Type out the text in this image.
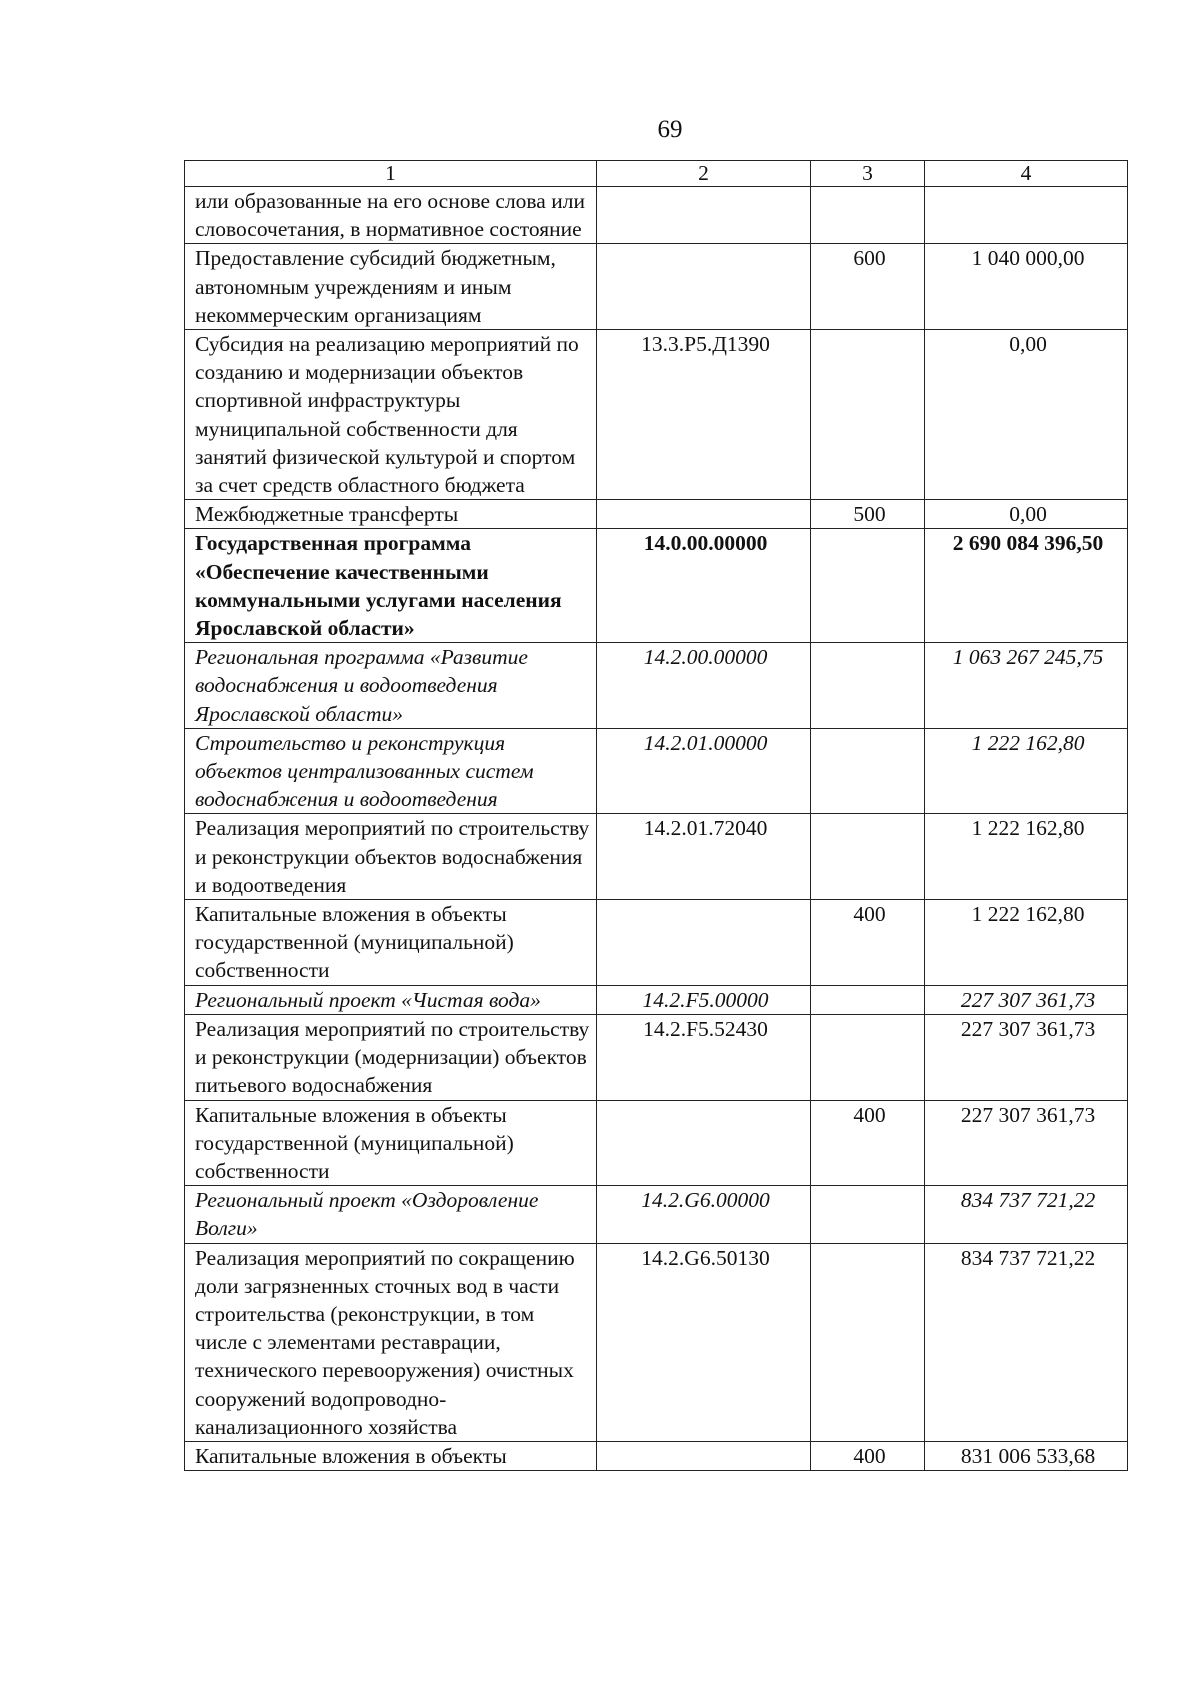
69
1	2	3	4
или образованные на его основе слова или словосочетания, в нормативное состояние			
Предоставление субсидий бюджетным, автономным учреждениям и иным некоммерческим организациям		600	1 040 000,00
Субсидия на реализацию мероприятий по созданию и модернизации объектов спортивной инфраструктуры муниципальной собственности для занятий физической культурой и спортом за счет средств областного бюджета	13.3.Р5.Д1390		0,00
Межбюджетные трансферты		500	0,00
Государственная программа «Обеспечение качественными коммунальными услугами населения Ярославской области»	14.0.00.00000		2 690 084 396,50
Региональная программа «Развитие водоснабжения и водоотведения Ярославской области»	14.2.00.00000		1 063 267 245,75
Строительство и реконструкция объектов централизованных систем водоснабжения и водоотведения	14.2.01.00000		1 222 162,80
Реализация мероприятий по строительству и реконструкции объектов водоснабжения и водоотведения	14.2.01.72040		1 222 162,80
Капитальные вложения в объекты государственной (муниципальной) собственности		400	1 222 162,80
Региональный проект «Чистая вода»	14.2.F5.00000		227 307 361,73
Реализация мероприятий по строительству и реконструкции (модернизации) объектов питьевого водоснабжения	14.2.F5.52430		227 307 361,73
Капитальные вложения в объекты государственной (муниципальной) собственности		400	227 307 361,73
Региональный проект «Оздоровление Волги»	14.2.G6.00000		834 737 721,22
Реализация мероприятий по сокращению доли загрязненных сточных вод в части строительства (реконструкции, в том числе с элементами реставрации, технического перевооружения) очистных сооружений водопроводно-канализационного хозяйства	14.2.G6.50130		834 737 721,22
Капитальные вложения в объекты		400	831 006 533,68
